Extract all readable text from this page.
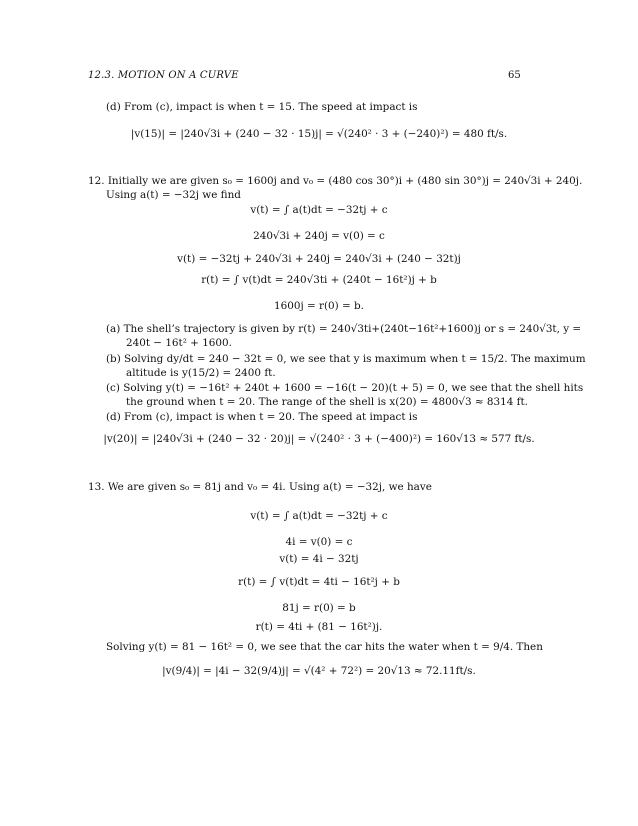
12.3. MOTION ON A CURVE	65
(d) From (c), impact is when t = 15. The speed at impact is
|v(15)| = |240√3i + (240 − 32 · 15)j| = √(240² · 3 + (−240)²) = 480 ft/s.
12. Initially we are given s₀ = 1600j and v₀ = (480 cos 30°)i + (480 sin 30°)j = 240√3i + 240j.
Using a(t) = −32j we find
v(t) = ∫ a(t)dt = −32tj + c
240√3i + 240j = v(0) = c
v(t) = −32tj + 240√3i + 240j = 240√3i + (240 − 32t)j
r(t) = ∫ v(t)dt = 240√3ti + (240t − 16t²)j + b
1600j = r(0) = b.
(a) The shell’s trajectory is given by r(t) = 240√3ti+(240t−16t²+1600)j or s = 240√3t, y =
240t − 16t² + 1600.
(b) Solving dy/dt = 240 − 32t = 0, we see that y is maximum when t = 15/2. The maximum
altitude is y(15/2) = 2400 ft.
(c) Solving y(t) = −16t² + 240t + 1600 = −16(t − 20)(t + 5) = 0, we see that the shell hits
the ground when t = 20. The range of the shell is x(20) = 4800√3 ≈ 8314 ft.
(d) From (c), impact is when t = 20. The speed at impact is
|v(20)| = |240√3i + (240 − 32 · 20)j| = √(240² · 3 + (−400)²) = 160√13 ≈ 577 ft/s.
13. We are given s₀ = 81j and v₀ = 4i. Using a(t) = −32j, we have
v(t) = ∫ a(t)dt = −32tj + c
4i = v(0) = c
v(t) = 4i − 32tj
r(t) = ∫ v(t)dt = 4ti − 16t²j + b
81j = r(0) = b
r(t) = 4ti + (81 − 16t²)j.
Solving y(t) = 81 − 16t² = 0, we see that the car hits the water when t = 9/4. Then
|v(9/4)| = |4i − 32(9/4)j| = √(4² + 72²) = 20√13 ≈ 72.11ft/s.
